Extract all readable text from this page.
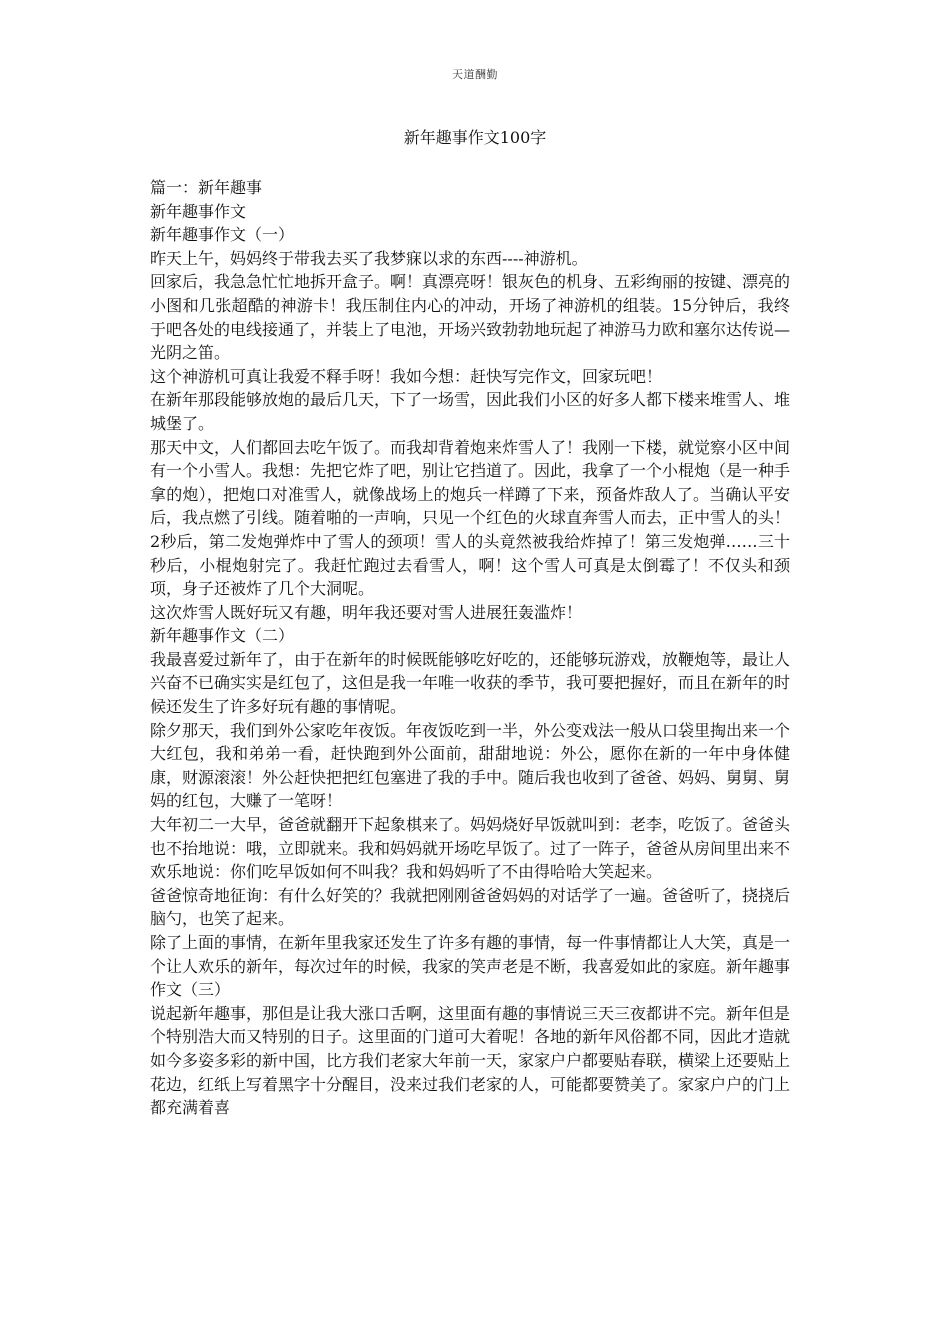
天道酬勤
新年趣事作文100字

篇一：新年趣事

新年趣事作文

新年趣事作文（一）

昨天上午，妈妈终于带我去买了我梦寐以求的东西----神游机。

回家后，我急急忙忙地拆开盒子。啊！真漂亮呀！银灰色的机身、五彩绚丽的按键、漂亮的小图和几张超酷的神游卡！我压制住内心的冲动，开场了神游机的组装。15分钟后，我终于吧各处的电线接通了，并装上了电池，开场兴致勃勃地玩起了神游马力欧和塞尔达传说—光阴之笛。

这个神游机可真让我爱不释手呀！我如今想：赶快写完作文，回家玩吧！

在新年那段能够放炮的最后几天，下了一场雪，因此我们小区的好多人都下楼来堆雪人、堆城堡了。

那天中文，人们都回去吃午饭了。而我却背着炮来炸雪人了！我刚一下楼，就觉察小区中间有一个小雪人。我想：先把它炸了吧，别让它挡道了。因此，我拿了一个小棍炮（是一种手拿的炮），把炮口对准雪人，就像战场上的炮兵一样蹲了下来，预备炸敌人了。当确认平安后，我点燃了引线。随着啪的一声响，只见一个红色的火球直奔雪人而去，正中雪人的头！2秒后，第二发炮弹炸中了雪人的颈项！雪人的头竟然被我给炸掉了！第三发炮弹……三十秒后，小棍炮射完了。我赶忙跑过去看雪人，啊！这个雪人可真是太倒霉了！不仅头和颈项，身子还被炸了几个大洞呢。

这次炸雪人既好玩又有趣，明年我还要对雪人进展狂轰滥炸！

新年趣事作文（二）

我最喜爱过新年了，由于在新年的时候既能够吃好吃的，还能够玩游戏，放鞭炮等，最让人兴奋不已确实实是红包了，这但是我一年唯一收获的季节，我可要把握好，而且在新年的时候还发生了许多好玩有趣的事情呢。

除夕那天，我们到外公家吃年夜饭。年夜饭吃到一半，外公变戏法一般从口袋里掏出来一个大红包，我和弟弟一看，赶快跑到外公面前，甜甜地说：外公，愿你在新的一年中身体健康，财源滚滚！外公赶快把把红包塞进了我的手中。随后我也收到了爸爸、妈妈、舅舅、舅妈的红包，大赚了一笔呀！

大年初二一大早，爸爸就翻开下起象棋来了。妈妈烧好早饭就叫到：老李，吃饭了。爸爸头也不抬地说：哦，立即就来。我和妈妈就开场吃早饭了。过了一阵子，爸爸从房间里出来不欢乐地说：你们吃早饭如何不叫我？我和妈妈听了不由得哈哈大笑起来。

爸爸惊奇地征询：有什么好笑的？我就把刚刚爸爸妈妈的对话学了一遍。爸爸听了，挠挠后脑勺，也笑了起来。

除了上面的事情，在新年里我家还发生了许多有趣的事情，每一件事情都让人大笑，真是一个让人欢乐的新年，每次过年的时候，我家的笑声老是不断，我喜爱如此的家庭。新年趣事作文（三）

说起新年趣事，那但是让我大涨口舌啊，这里面有趣的事情说三天三夜都讲不完。新年但是个特别浩大而又特别的日子。这里面的门道可大着呢！各地的新年风俗都不同，因此才造就如今多姿多彩的新中国，比方我们老家大年前一天，家家户户都要贴春联，横梁上还要贴上花边，红纸上写着黑字十分醒目，没来过我们老家的人，可能都要赞美了。家家户户的门上都充满着喜
